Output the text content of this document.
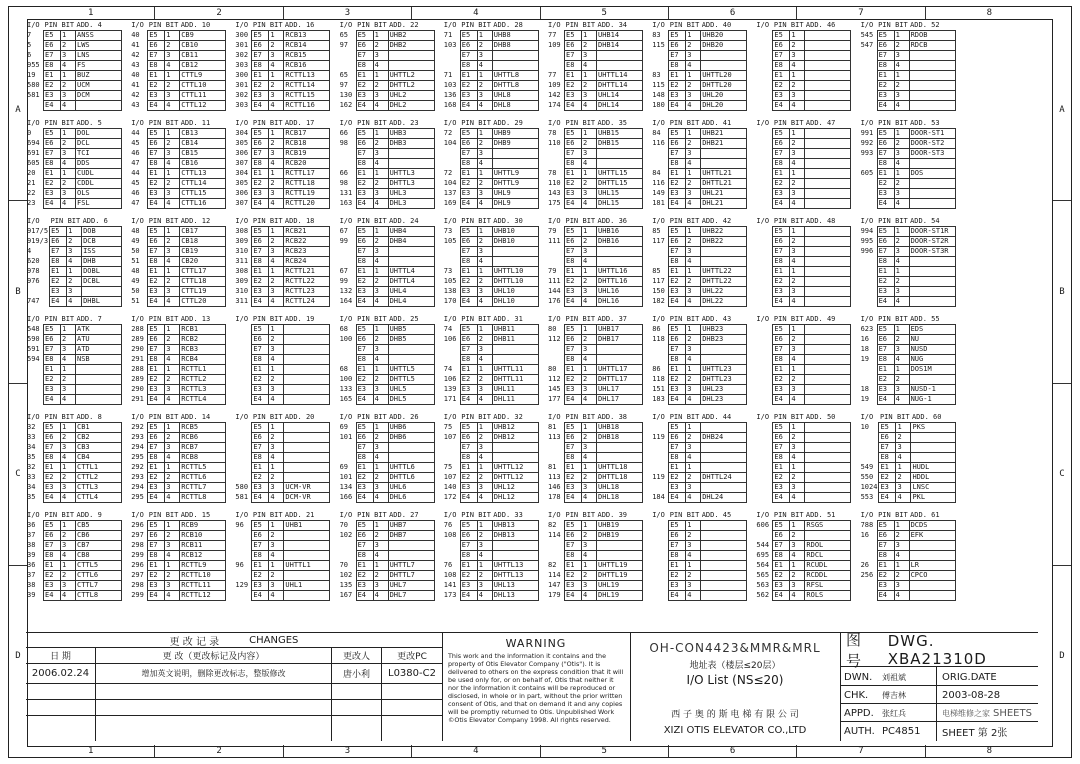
1	2	3	4	5	6	7	8
1	2	3	4	5	6	7	8
A
B
C
D
A
B
C
D
I/O	PIN	BIT	ADD. 4
7	E5	1	ANSS
5	E6	2	LWS
6	E7	3	LNS
955	E8	4	FS
19	E1	1	BUZ
580	E2	2	UCM
581	E3	3	DCM
	E4	4	
I/O	PIN	BIT	ADD. 5
0	E5	1	DOL
694	E6	2	DCL
691	E7	3	TCI
605	E8	4	DDS
20	E1	1	CUDL
21	E2	2	CDDL
22	E3	3	OLS
23	E4	4	FSL
I/O	PIN	BIT	ADD. 6
917/5	E5	1	DOB
919/3	E6	2	DCB
4	E7	3	ISS
620	E8	4	DHB
978	E1	1	DOBL
976	E2	2	DCBL
	E3	3	
747	E4	4	DHBL
I/O	PIN	BIT	ADD. 7
548	E5	1	ATK
590	E6	2	ATU
591	E7	3	ATD
594	E8	4	NSB
	E1	1	
	E2	2	
	E3	3	
	E4	4	
I/O	PIN	BIT	ADD. 8
32	E5	1	CB1
33	E6	2	CB2
34	E7	3	CB3
35	E8	4	CB4
32	E1	1	CTTL1
33	E2	2	CTTL2
34	E3	3	CTTL3
35	E4	4	CTTL4
I/O	PIN	BIT	ADD. 9
36	E5	1	CB5
37	E6	2	CB6
38	E7	3	CB7
39	E8	4	CB8
36	E1	1	CTTL5
37	E2	2	CTTL6
38	E3	3	CTTL7
39	E4	4	CTTL8
I/O	PIN	BIT	ADD. 10
40	E5	1	CB9
41	E6	2	CB10
42	E7	3	CB11
43	E8	4	CB12
40	E1	1	CTTL9
41	E2	2	CTTL10
42	E3	3	CTTL11
43	E4	4	CTTL12
I/O	PIN	BIT	ADD. 11
44	E5	1	CB13
45	E6	2	CB14
46	E7	3	CB15
47	E8	4	CB16
44	E1	1	CTTL13
45	E2	2	CTTL14
46	E3	3	CTTL15
47	E4	4	CTTL16
I/O	PIN	BIT	ADD. 12
48	E5	1	CB17
49	E6	2	CB18
50	E7	3	CB19
51	E8	4	CB20
48	E1	1	CTTL17
49	E2	2	CTTL18
50	E3	3	CTTL19
51	E4	4	CTTL20
I/O	PIN	BIT	ADD. 13
288	E5	1	RCB1
289	E6	2	RCB2
290	E7	3	RCB3
291	E8	4	RCB4
288	E1	1	RCTTL1
289	E2	2	RCTTL2
290	E3	3	RCTTL3
291	E4	4	RCTTL4
I/O	PIN	BIT	ADD. 14
292	E5	1	RCB5
293	E6	2	RCB6
294	E7	3	RCB7
295	E8	4	RCB8
292	E1	1	RCTTL5
293	E2	2	RCTTL6
294	E3	3	RCTTL7
295	E4	4	RCTTL8
I/O	PIN	BIT	ADD. 15
296	E5	1	RCB9
297	E6	2	RCB10
298	E7	3	RCB11
299	E8	4	RCB12
296	E1	1	RCTTL9
297	E2	2	RCTTL10
298	E3	3	RCTTL11
299	E4	4	RCTTL12
I/O	PIN	BIT	ADD. 16
300	E5	1	RCB13
301	E6	2	RCB14
302	E7	3	RCB15
303	E8	4	RCB16
300	E1	1	RCTTL13
301	E2	2	RCTTL14
302	E3	3	RCTTL15
303	E4	4	RCTTL16
I/O	PIN	BIT	ADD. 17
304	E5	1	RCB17
305	E6	2	RCB18
306	E7	3	RCB19
307	E8	4	RCB20
304	E1	1	RCTTL17
305	E2	2	RCTTL18
306	E3	3	RCTTL19
307	E4	4	RCTTL20
I/O	PIN	BIT	ADD. 18
308	E5	1	RCB21
309	E6	2	RCB22
310	E7	3	RCB23
311	E8	4	RCB24
308	E1	1	RCTTL21
309	E2	2	RCTTL22
310	E3	3	RCTTL23
311	E4	4	RCTTL24
I/O	PIN	BIT	ADD. 19
	E5	1	
	E6	2	
	E7	3	
	E8	4	
	E1	1	
	E2	2	
	E3	3	
	E4	4	
I/O	PIN	BIT	ADD. 20
	E5	1	
	E6	2	
	E7	3	
	E8	4	
	E1	1	
	E2	2	
580	E3	3	UCM-VR
581	E4	4	DCM-VR
I/O	PIN	BIT	ADD. 21
96	E5	1	UHB1
	E6	2	
	E7	3	
	E8	4	
96	E1	1	UHTTL1
	E2	2	
129	E3	3	UHL1
	E4	4	
I/O	PIN	BIT	ADD. 22
65	E5	1	UHB2
97	E6	2	DHB2
	E7	3	
	E8	4	
65	E1	1	UHTTL2
97	E2	2	DHTTL2
130	E3	3	UHL2
162	E4	4	DHL2
I/O	PIN	BIT	ADD. 23
66	E5	1	UHB3
98	E6	2	DHB3
	E7	3	
	E8	4	
66	E1	1	UHTTL3
98	E2	2	DHTTL3
131	E3	3	UHL3
163	E4	4	DHL3
I/O	PIN	BIT	ADD. 24
67	E5	1	UHB4
99	E6	2	DHB4
	E7	3	
	E8	4	
67	E1	1	UHTTL4
99	E2	2	DHTTL4
132	E3	3	UHL4
164	E4	4	DHL4
I/O	PIN	BIT	ADD. 25
68	E5	1	UHB5
100	E6	2	DHB5
	E7	3	
	E8	4	
68	E1	1	UHTTL5
100	E2	2	DHTTL5
133	E3	3	UHL5
165	E4	4	DHL5
I/O	PIN	BIT	ADD. 26
69	E5	1	UHB6
101	E6	2	DHB6
	E7	3	
	E8	4	
69	E1	1	UHTTL6
101	E2	2	DHTTL6
134	E3	3	UHL6
166	E4	4	DHL6
I/O	PIN	BIT	ADD. 27
70	E5	1	UHB7
102	E6	2	DHB7
	E7	3	
	E8	4	
70	E1	1	UHTTL7
102	E2	2	DHTTL7
135	E3	3	UHL7
167	E4	4	DHL7
I/O	PIN	BIT	ADD. 28
71	E5	1	UHB8
103	E6	2	DHB8
	E7	3	
	E8	4	
71	E1	1	UHTTL8
103	E2	2	DHTTL8
136	E3	3	UHL8
168	E4	4	DHL8
I/O	PIN	BIT	ADD. 29
72	E5	1	UHB9
104	E6	2	DHB9
	E7	3	
	E8	4	
72	E1	1	UHTTL9
104	E2	2	DHTTL9
137	E3	3	UHL9
169	E4	4	DHL9
I/O	PIN	BIT	ADD. 30
73	E5	1	UHB10
105	E6	2	DHB10
	E7	3	
	E8	4	
73	E1	1	UHTTL10
105	E2	2	DHTTL10
138	E3	3	UHL10
170	E4	4	DHL10
I/O	PIN	BIT	ADD. 31
74	E5	1	UHB11
106	E6	2	DHB11
	E7	3	
	E8	4	
74	E1	1	UHTTL11
106	E2	2	DHTTL11
139	E3	3	UHL11
171	E4	4	DHL11
I/O	PIN	BIT	ADD. 32
75	E5	1	UHB12
107	E6	2	DHB12
	E7	3	
	E8	4	
75	E1	1	UHTTL12
107	E2	2	DHTTL12
140	E3	3	UHL12
172	E4	4	DHL12
I/O	PIN	BIT	ADD. 33
76	E5	1	UHB13
108	E6	2	DHB13
	E7	3	
	E8	4	
76	E1	1	UHTTL13
108	E2	2	DHTTL13
141	E3	3	UHL13
173	E4	4	DHL13
I/O	PIN	BIT	ADD. 34
77	E5	1	UHB14
109	E6	2	DHB14
	E7	3	
	E8	4	
77	E1	1	UHTTL14
109	E2	2	DHTTL14
142	E3	3	UHL14
174	E4	4	DHL14
I/O	PIN	BIT	ADD. 35
78	E5	1	UHB15
110	E6	2	DHB15
	E7	3	
	E8	4	
78	E1	1	UHTTL15
110	E2	2	DHTTL15
143	E3	3	UHL15
175	E4	4	DHL15
I/O	PIN	BIT	ADD. 36
79	E5	1	UHB16
111	E6	2	DHB16
	E7	3	
	E8	4	
79	E1	1	UHTTL16
111	E2	2	DHTTL16
144	E3	3	UHL16
176	E4	4	DHL16
I/O	PIN	BIT	ADD. 37
80	E5	1	UHB17
112	E6	2	DHB17
	E7	3	
	E8	4	
80	E1	1	UHTTL17
112	E2	2	DHTTL17
145	E3	3	UHL17
177	E4	4	DHL17
I/O	PIN	BIT	ADD. 38
81	E5	1	UHB18
113	E6	2	DHB18
	E7	3	
	E8	4	
81	E1	1	UHTTL18
113	E2	2	DHTTL18
146	E3	3	UHL18
178	E4	4	DHL18
I/O	PIN	BIT	ADD. 39
82	E5	1	UHB19
114	E6	2	DHB19
	E7	3	
	E8	4	
82	E1	1	UHTTL19
114	E2	2	DHTTL19
147	E3	3	UHL19
179	E4	4	DHL19
I/O	PIN	BIT	ADD. 40
83	E5	1	UHB20
115	E6	2	DHB20
	E7	3	
	E8	4	
83	E1	1	UHTTL20
115	E2	2	DHTTL20
148	E3	3	UHL20
180	E4	4	DHL20
I/O	PIN	BIT	ADD. 41
84	E5	1	UHB21
116	E6	2	DHB21
	E7	3	
	E8	4	
84	E1	1	UHTTL21
116	E2	2	DHTTL21
149	E3	3	UHL21
181	E4	4	DHL21
I/O	PIN	BIT	ADD. 42
85	E5	1	UHB22
117	E6	2	DHB22
	E7	3	
	E8	4	
85	E1	1	UHTTL22
117	E2	2	DHTTL22
150	E3	3	UHL22
182	E4	4	DHL22
I/O	PIN	BIT	ADD. 43
86	E5	1	UHB23
118	E6	2	DHB23
	E7	3	
	E8	4	
86	E1	1	UHTTL23
118	E2	2	DHTTL23
151	E3	3	UHL23
183	E4	4	DHL23
I/O	PIN	BIT	ADD. 44
	E5	1	
119	E6	2	DHB24
	E7	3	
	E8	4	
	E1	1	
119	E2	2	DHTTL24
	E3	3	
184	E4	4	DHL24
I/O	PIN	BIT	ADD. 45
	E5	1	
	E6	2	
	E7	3	
	E8	4	
	E1	1	
	E2	2	
	E3	3	
	E4	4	
I/O	PIN	BIT	ADD. 46
	E5	1	
	E6	2	
	E7	3	
	E8	4	
	E1	1	
	E2	2	
	E3	3	
	E4	4	
I/O	PIN	BIT	ADD. 47
	E5	1	
	E6	2	
	E7	3	
	E8	4	
	E1	1	
	E2	2	
	E3	3	
	E4	4	
I/O	PIN	BIT	ADD. 48
	E5	1	
	E6	2	
	E7	3	
	E8	4	
	E1	1	
	E2	2	
	E3	3	
	E4	4	
I/O	PIN	BIT	ADD. 49
	E5	1	
	E6	2	
	E7	3	
	E8	4	
	E1	1	
	E2	2	
	E3	3	
	E4	4	
I/O	PIN	BIT	ADD. 50
	E5	1	
	E6	2	
	E7	3	
	E8	4	
	E1	1	
	E2	2	
	E3	3	
	E4	4	
I/O	PIN	BIT	ADD. 51
606	E5	1	RSGS
	E6	2	
544	E7	3	RDOL
695	E8	4	RDCL
564	E1	1	RCUDL
565	E2	2	RCDDL
563	E3	3	RFSL
562	E4	4	ROLS
I/O	PIN	BIT	ADD. 52
545	E5	1	RDOB
547	E6	2	RDCB
	E7	3	
	E8	4	
	E1	1	
	E2	2	
	E3	3	
	E4	4	
I/O	PIN	BIT	ADD. 53
991	E5	1	DOOR-ST1
992	E6	2	DOOR-ST2
993	E7	3	DOOR-ST3
	E8	4	
605	E1	1	DOS
	E2	2	
	E3	3	
	E4	4	
I/O	PIN	BIT	ADD. 54
994	E5	1	DOOR-ST1R
995	E6	2	DOOR-ST2R
996	E7	3	DOOR-ST3R
	E8	4	
	E1	1	
	E2	2	
	E3	3	
	E4	4	
I/O	PIN	BIT	ADD. 55
623	E5	1	EDS
16	E6	2	NU
18	E7	3	NUSD
19	E8	4	NUG
	E1	1	DOS1M
	E2	2	
18	E3	3	NUSD-1
19	E4	4	NUG-1
I/O	PIN	BIT	ADD. 60
10	E5	1	PKS
	E6	2	
	E7	3	
	E8	4	
549	E1	1	HUDL
550	E2	2	HDDL
1024	E3	3	LNSC
553	E4	4	PKL
I/O	PIN	BIT	ADD. 61
788	E5	1	DCDS
16	E6	2	EFK
	E7	3	
	E8	4	
26	E1	1	LR
256	E2	2	CPCO
	E3	3	
	E4	4	
更 改 记 录	CHANGES
日 期	更 改（更改标记及内容）	更改人	更改PC
2006.02.24	增加英文说明，删除更改标志，整版修改	唐小利	L0380-C2
WARNING
This work and the information it contains and the property of Otis Elevator Company ("Otis"). It is delivered to others on the express condition that it will be used only for, or on behalf of, Otis that neither it nor the information it contains will be reproduced or disclosed, in whole or in part, without the prior written consent of Otis, and that on demand it and any copies will be promptly returned to Otis. Unpublished Work ©Otis Elevator Company 1998. All rights reserved.
OH-CON4423&MMR&MRL
地址表（楼层≤20层）
I/O List (NS≤20)
西 子 奥 的 斯 电 梯 有 限 公 司
XIZI OTIS ELEVATOR CO.,LTD
图号
DWG. XBA21310D
DWN.	刘祖斌
CHK.	傅吉林
APPD.	张红兵
AUTH. PC4851
ORIG.DATE
2003-08-28
电梯维修之家 SHEETS
SHEET 第 2张
